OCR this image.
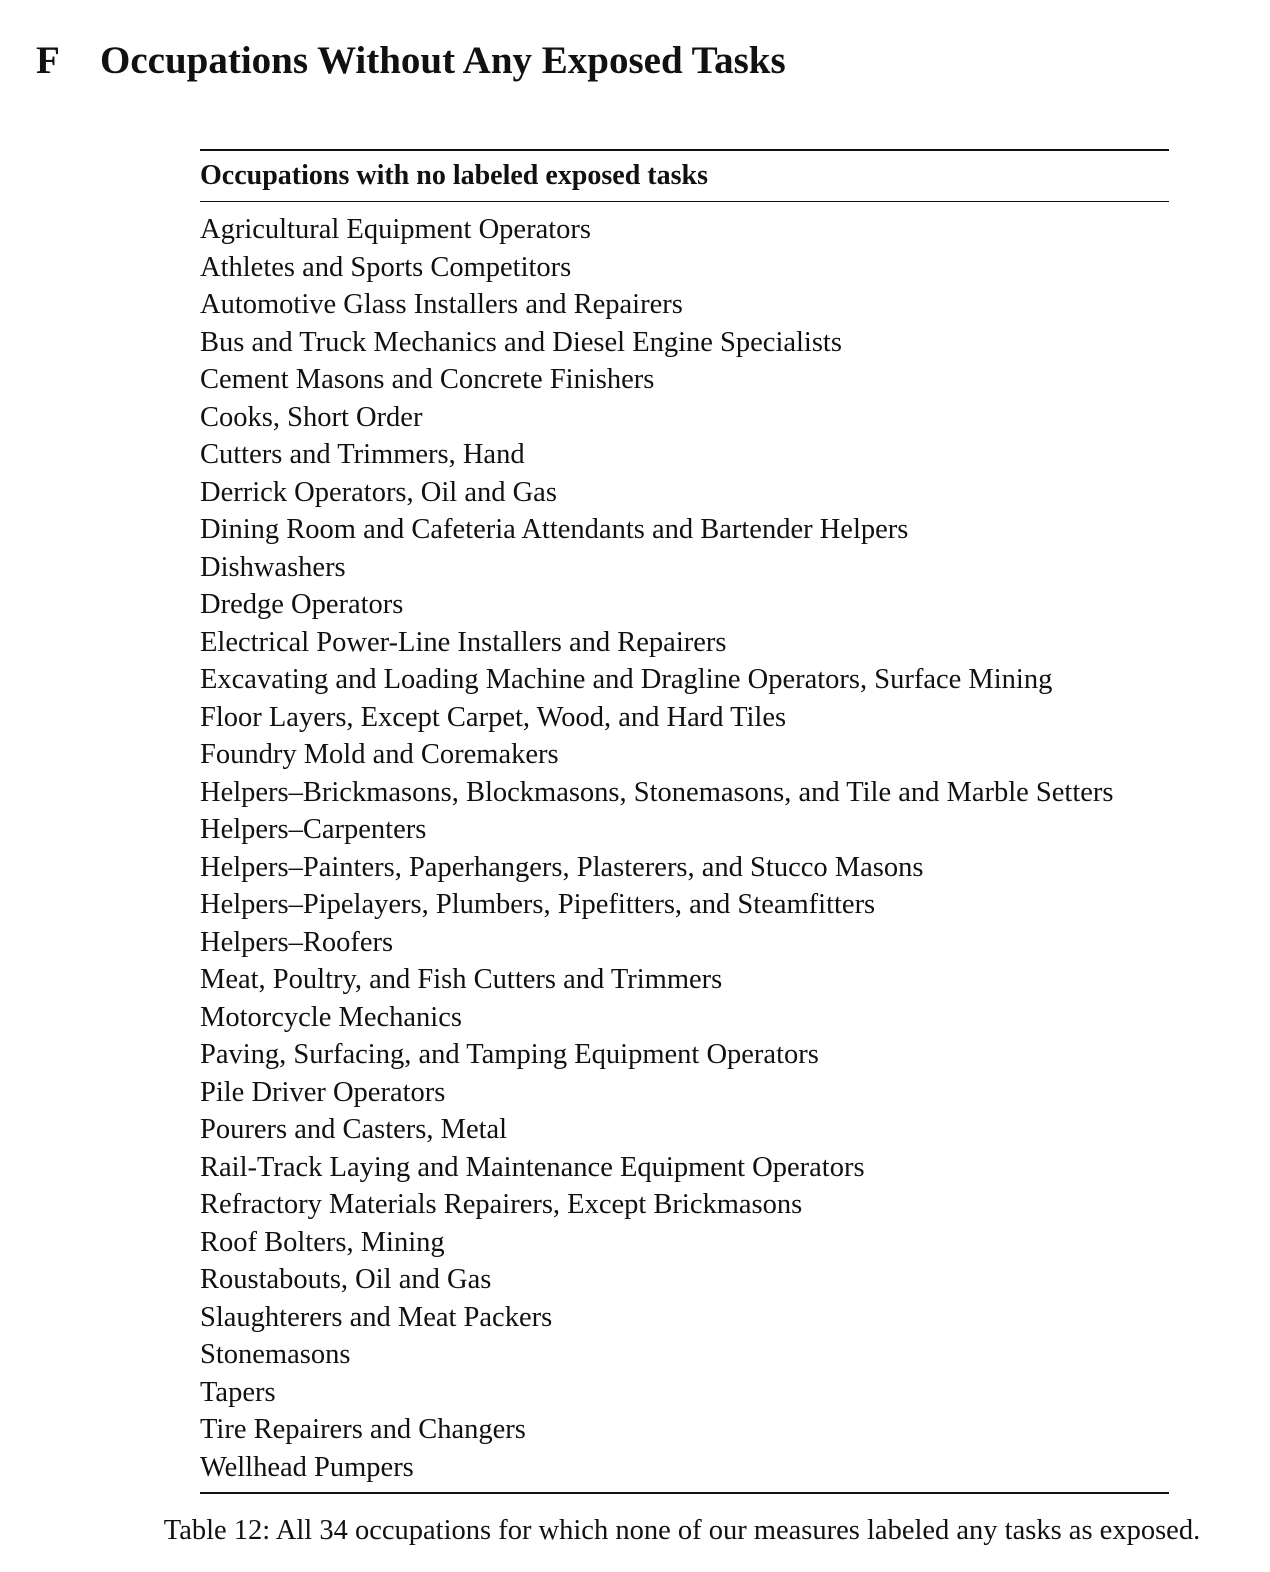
F Occupations Without Any Exposed Tasks
Occupations with no labeled exposed tasks
Agricultural Equipment Operators
Athletes and Sports Competitors
Automotive Glass Installers and Repairers
Bus and Truck Mechanics and Diesel Engine Specialists
Cement Masons and Concrete Finishers
Cooks, Short Order
Cutters and Trimmers, Hand
Derrick Operators, Oil and Gas
Dining Room and Cafeteria Attendants and Bartender Helpers
Dishwashers
Dredge Operators
Electrical Power-Line Installers and Repairers
Excavating and Loading Machine and Dragline Operators, Surface Mining
Floor Layers, Except Carpet, Wood, and Hard Tiles
Foundry Mold and Coremakers
Helpers–Brickmasons, Blockmasons, Stonemasons, and Tile and Marble Setters
Helpers–Carpenters
Helpers–Painters, Paperhangers, Plasterers, and Stucco Masons
Helpers–Pipelayers, Plumbers, Pipefitters, and Steamfitters
Helpers–Roofers
Meat, Poultry, and Fish Cutters and Trimmers
Motorcycle Mechanics
Paving, Surfacing, and Tamping Equipment Operators
Pile Driver Operators
Pourers and Casters, Metal
Rail-Track Laying and Maintenance Equipment Operators
Refractory Materials Repairers, Except Brickmasons
Roof Bolters, Mining
Roustabouts, Oil and Gas
Slaughterers and Meat Packers
Stonemasons
Tapers
Tire Repairers and Changers
Wellhead Pumpers
Table 12: All 34 occupations for which none of our measures labeled any tasks as exposed.
